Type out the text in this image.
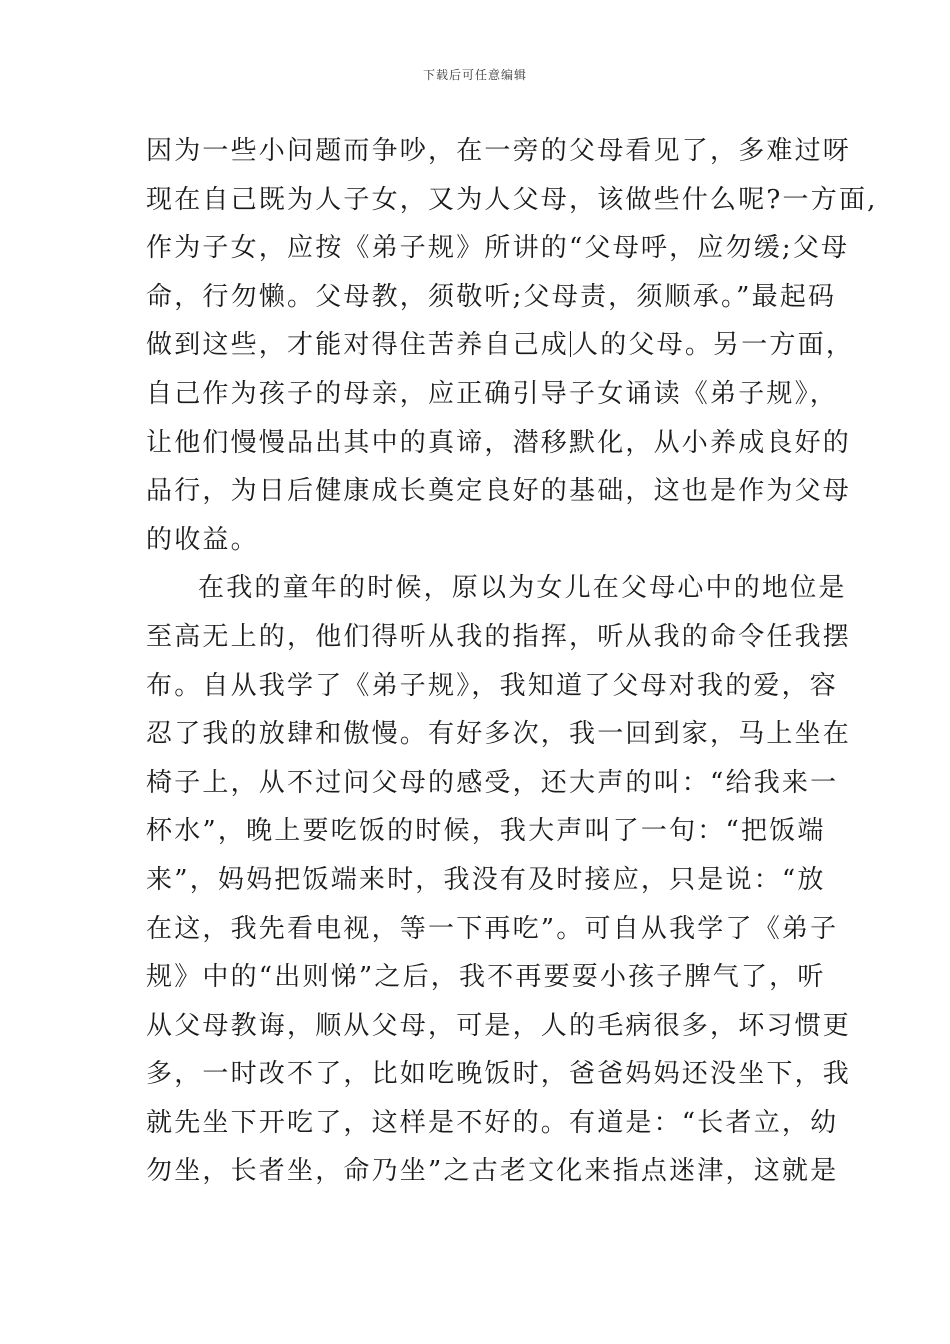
下载后可任意编辑
因为一些小问题而争吵，在一旁的父母看见了，多难过呀
现在自己既为人子女，又为人父母，该做些什么呢?一方面,
作为子女，应按《弟子规》所讲的“父母呼，应勿缓;父母
命，行勿懒。父母教，须敬听;父母责，须顺承。”最起码
做到这些，才能对得住苦养自己成 人的父母。另一方面，
自己作为孩子的母亲，应正确引导子女诵读《弟子规》，
让他们慢慢品出其中的真谛，潜移默化，从小养成良好的
品行，为日后健康成长奠定良好的基础，这也是作为父母
的收益。
在我的童年的时候，原以为女儿在父母心中的地位是
至高无上的，他们得听从我的指挥，听从我的命令任我摆
布。自从我学了《弟子规》，我知道了父母对我的爱，容
忍了我的放肆和傲慢。有好多次，我一回到家，马上坐在
椅子上，从不过问父母的感受，还大声的叫：“给我来一
杯水”，晚上要吃饭的时候，我大声叫了一句：“把饭端
来”，妈妈把饭端来时，我没有及时接应，只是说：“放
在这，我先看电视，等一下再吃”。可自从我学了《弟子
规》中的“出则悌”之后，我不再要耍小孩子脾气了，听
从父母教诲，顺从父母，可是，人的毛病很多，坏习惯更
多，一时改不了，比如吃晚饭时，爸爸妈妈还没坐下，我
就先坐下开吃了，这样是不好的。有道是：“长者立，幼
勿坐，长者坐，命乃坐”之古老文化来指点迷津，这就是
